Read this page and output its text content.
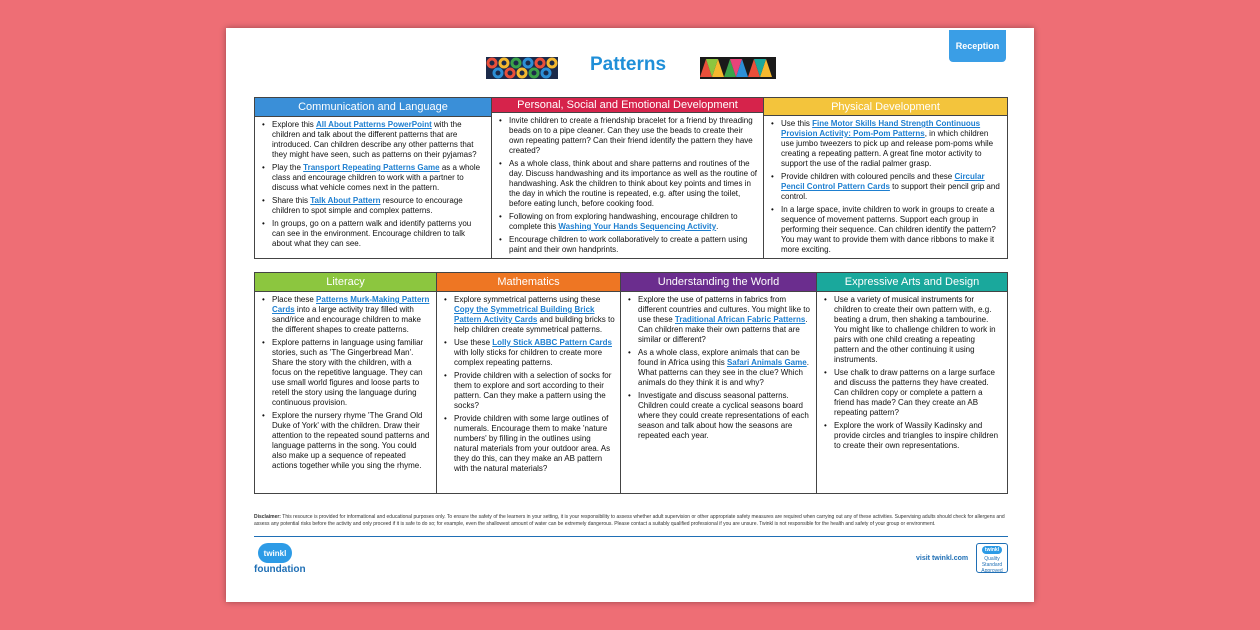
Reception
Patterns
Communication and Language
• Explore this All About Patterns PowerPoint with the children and talk about the different patterns that are introduced. Can children describe any other patterns that they might have seen, such as patterns on their pyjamas?
• Play the Transport Repeating Patterns Game as a whole class and encourage children to work with a partner to discuss what vehicle comes next in the pattern.
• Share this Talk About Pattern resource to encourage children to spot simple and complex patterns.
• In groups, go on a pattern walk and identify patterns you can see in the environment. Encourage children to talk about what they can see.
Personal, Social and Emotional Development
• Invite children to create a friendship bracelet for a friend by threading beads on to a pipe cleaner. Can they use the beads to create their own repeating pattern? Can their friend identify the pattern they have created?
• As a whole class, think about and share patterns and routines of the day. Discuss handwashing and its importance as well as the routine of handwashing. Ask the children to think about key points and times in the day in which the routine is repeated, e.g. after using the toilet, before eating lunch, before cooking food.
• Following on from exploring handwashing, encourage children to complete this Washing Your Hands Sequencing Activity.
• Encourage children to work collaboratively to create a pattern using paint and their own handprints.
Physical Development
• Use this Fine Motor Skills Hand Strength Continuous Provision Activity: Pom-Pom Patterns, in which children use jumbo tweezers to pick up and release pom-poms while creating a repeating pattern. A great fine motor activity to support the use of the radial palmer grasp.
• Provide children with coloured pencils and these Circular Pencil Control Pattern Cards to support their pencil grip and control.
• In a large space, invite children to work in groups to create a sequence of movement patterns. Support each group in performing their sequence. Can children identify the pattern? You may want to provide them with dance ribbons to make it more exciting.
Literacy
• Place these Patterns Murk-Making Pattern Cards into a large activity tray filled with sand/rice and encourage children to make the different shapes to create patterns.
• Explore patterns in language using familiar stories, such as 'The Gingerbread Man'. Share the story with the children, with a focus on the repetitive language. They can use small world figures and loose parts to retell the story using the language during continuous provision.
• Explore the nursery rhyme 'The Grand Old Duke of York' with the children. Draw their attention to the repeated sound patterns and language patterns in the song. You could also make up a sequence of repeated actions together while you sing the rhyme.
Mathematics
• Explore symmetrical patterns using these Copy the Symmetrical Building Brick Pattern Activity Cards and building bricks to help children create symmetrical patterns.
• Use these Lolly Stick ABBC Pattern Cards with lolly sticks for children to create more complex repeating patterns.
• Provide children with a selection of socks for them to explore and sort according to their pattern. Can they make a pattern using the socks?
• Provide children with some large outlines of numerals. Encourage them to make 'nature numbers' by filling in the outlines using natural materials from your outdoor area. As they do this, can they make an AB pattern with the natural materials?
Understanding the World
• Explore the use of patterns in fabrics from different countries and cultures. You might like to use these Traditional African Fabric Patterns. Can children make their own patterns that are similar or different?
• As a whole class, explore animals that can be found in Africa using this Safari Animals Game. What patterns can they see in the clue? Which animals do they think it is and why?
• Investigate and discuss seasonal patterns. Children could create a cyclical seasons board where they could create representations of each season and talk about how the seasons are repeated each year.
Expressive Arts and Design
• Use a variety of musical instruments for children to create their own pattern with, e.g. beating a drum, then shaking a tambourine. You might like to challenge children to work in pairs with one child creating a repeating pattern and the other continuing it using instruments.
• Use chalk to draw patterns on a large surface and discuss the patterns they have created. Can children copy or complete a pattern a friend has made? Can they create an AB repeating pattern?
• Explore the work of Wassily Kadinsky and provide circles and triangles to inspire children to create their own representations.
Disclaimer: This resource is provided for informational and educational purposes only. To ensure the safety of the learners in your setting, it is your responsibility to assess whether adult supervision or other appropriate safety measures are required when carrying out any of these activities. Supervising adults should check for allergens and assess any potential risks before the activity and only proceed if it is safe to do so; for example, even the shallowest amount of water can be extremely dangerous. Please contact a suitably qualified professional if you are unsure. Twinkl is not responsible for the health and safety of your group or environment.
twinkl
foundation
visit twinkl.com
twinkl
Quality Standard Approved
